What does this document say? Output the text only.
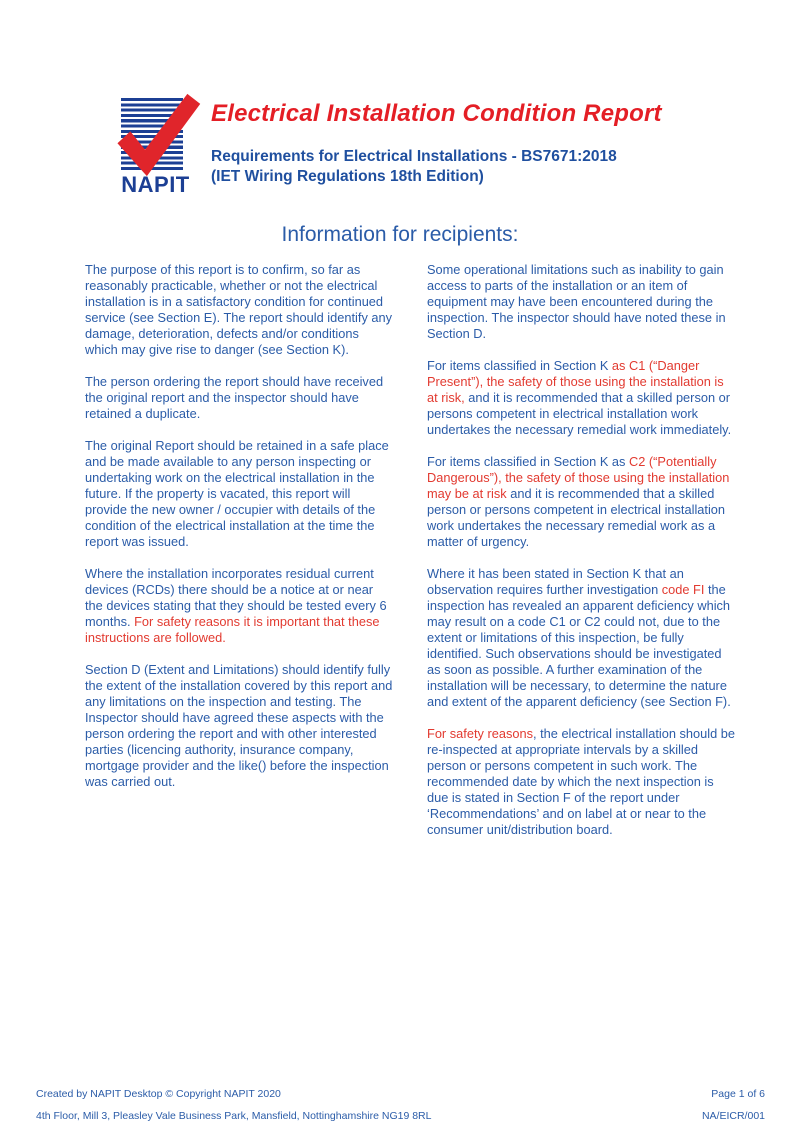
NAPIT
Electrical Installation Condition Report
Requirements for Electrical Installations - BS7671:2018
(IET Wiring Regulations 18th Edition)
Information for recipients:

The purpose of this report is to confirm, so far as reasonably practicable, whether or not the electrical installation is in a satisfactory condition for continued service (see Section E). The report should identify any damage, deterioration, defects and/or conditions which may give rise to danger (see Section K).

The person ordering the report should have received the original report and the inspector should have retained a duplicate.

The original Report should be retained in a safe place and be made available to any person inspecting or undertaking work on the electrical installation in the future. If the property is vacated, this report will provide the new owner / occupier with details of the condition of the electrical installation at the time the report was issued.

Where the installation incorporates residual current devices (RCDs) there should be a notice at or near the devices stating that they should be tested every 6 months. For safety reasons it is important that these instructions are followed.

Section D (Extent and Limitations) should identify fully the extent of the installation covered by this report and any limitations on the inspection and testing. The Inspector should have agreed these aspects with the person ordering the report and with other interested parties (licencing authority, insurance company, mortgage provider and the like() before the inspection was carried out.

Some operational limitations such as inability to gain access to parts of the installation or an item of equipment may have been encountered during the inspection. The inspector should have noted these in Section D.

For items classified in Section K as C1 (“Danger Present”), the safety of those using the installation is at risk, and it is recommended that a skilled person or persons competent in electrical installation work undertakes the necessary remedial work immediately.

For items classified in Section K as C2 (“Potentially Dangerous”), the safety of those using the installation may be at risk and it is recommended that a skilled person or persons competent in electrical installation work undertakes the necessary remedial work as a matter of urgency.

Where it has been stated in Section K that an observation requires further investigation code FI the inspection has revealed an apparent deficiency which may result on a code C1 or C2 could not, due to the extent or limitations of this inspection, be fully identified. Such observations should be investigated as soon as possible. A further examination of the installation will be necessary, to determine the nature and extent of the apparent deficiency (see Section F).

For safety reasons, the electrical installation should be re-inspected at appropriate intervals by a skilled person or persons competent in such work. The recommended date by which the next inspection is due is stated in Section F of the report under ‘Recommendations’ and on label at or near to the consumer unit/distribution board.

Created by NAPIT Desktop © Copyright NAPIT 2020	Page 1 of 6
4th Floor, Mill 3, Pleasley Vale Business Park, Mansfield, Nottinghamshire NG19 8RL	NA/EICR/001
